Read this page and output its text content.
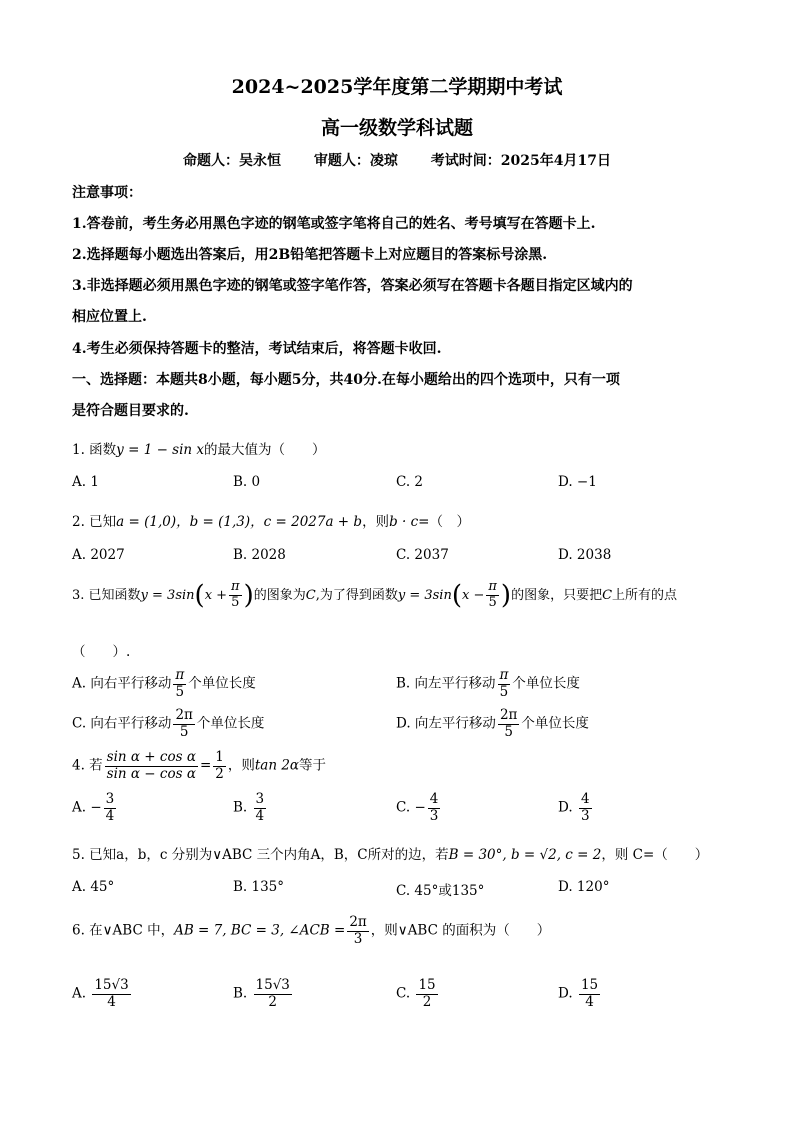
2024~2025学年度第二学期期中考试
高一级数学科试题
命题人：吴永恒 审题人：凌琼 考试时间：2025年4月17日
注意事项：
1.答卷前，考生务必用黑色字迹的钢笔或签字笔将自己的姓名、考号填写在答题卡上.
2.选择题每小题选出答案后，用2B铅笔把答题卡上对应题目的答案标号涂黑.
3.非选择题必须用黑色字迹的钢笔或签字笔作答，答案必须写在答题卡各题目指定区域内的
相应位置上.
4.考生必须保持答题卡的整洁，考试结束后，将答题卡收回.
一、选择题：本题共8小题，每小题5分，共40分.在每小题给出的四个选项中，只有一项
是符合题目要求的.
1. 函数y = 1 − sin x的最大值为（　　）
A. 1	B. 0	C. 2	D. −1
2. 已知a = (1,0)，b = (1,3)，c = 2027a + b，则b · c=（　）
A. 2027	B. 2028	C. 2037	D. 2038
3. 已知函数$y = 3\sin(x + \frac{\pi}{5}$ )的图象为C,为了得到函数$y = 3\sin(x - \frac{\pi}{5}$ )的图象，只要把C上所有的点
（　　）.
A. 向右平行移动 $\frac{\pi}{5}$ 个单位长度	B. 向左平行移动 $\frac{\pi}{5}$ 个单位长度
C. 向右平行移动 $\frac{2\pi}{5}$ 个单位长度	D. 向左平行移动 $\frac{2\pi}{5}$ 个单位长度
4. 若 $\frac{\text{sin α + cos α}}{\text{sin α − cos α}} = \frac{1}{2}$ ，则tan 2α等于
A. − $\frac{3}{4}$	B. $\frac{3}{4}$	C. − $\frac{4}{3}$	D. $\frac{4}{3}$
5. 已知a，b，c 分别为∨ABC 三个内角A，B，C所对的边，若B = 30°, b = √2, c = 2，则 C=（　　）
A. 45°	B. 135°	C. 45°或135°	D. 120°
6. 在∨ABC 中，AB = 7, BC = 3, ∠ACB = $\frac{2\pi}{3}$ ，则∨ABC 的面积为（　　）
A. $\frac{15√3}{4}$	B. $\frac{15√3}{2}$	C. $\frac{15}{2}$	D. $\frac{15}{4}$
